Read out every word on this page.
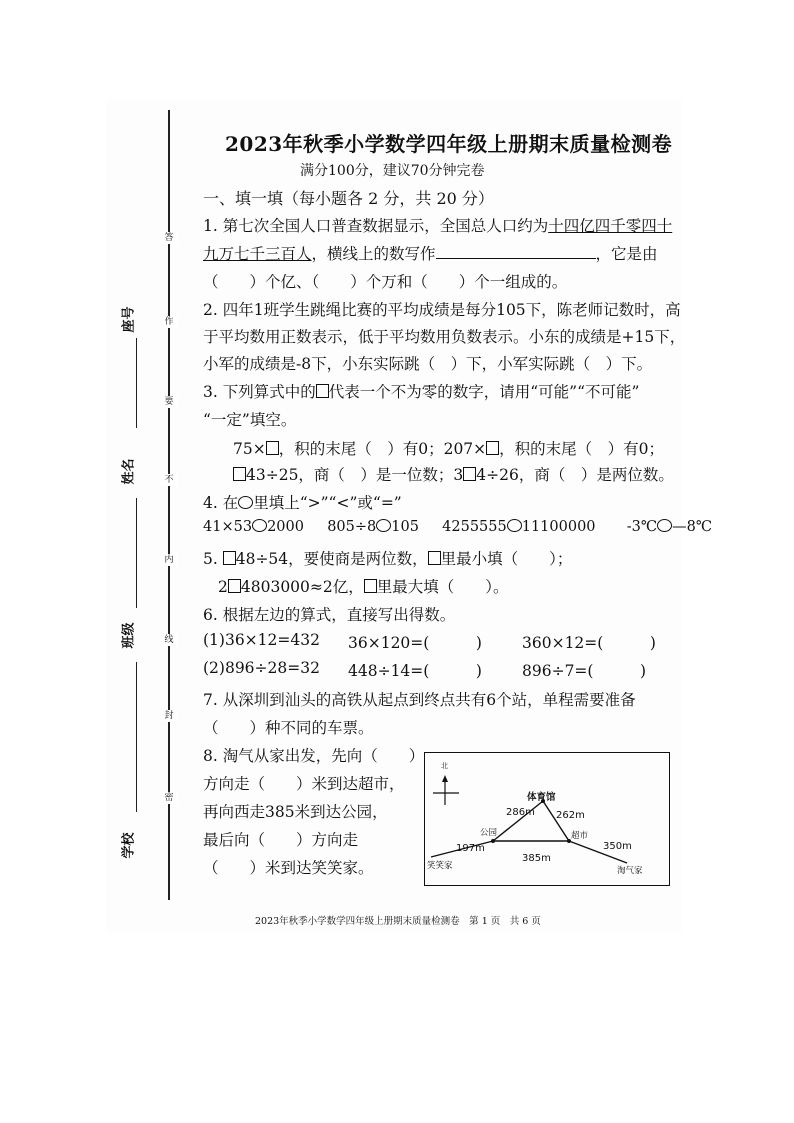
答
作
要
不
内
线
封
密
座号
姓名
班级
学校
2023年秋季小学数学四年级上册期末质量检测卷
满分100分，建议70分钟完卷
一、填一填（每小题各 2 分，共 20 分）
1. 第七次全国人口普查数据显示，全国总人口约为十四亿四千零四十
九万七千三百人，横线上的数写作	，它是由
（　　）个亿、（　　）个万和（　　）个一组成的。
2. 四年1班学生跳绳比赛的平均成绩是每分105下，陈老师记数时，高
于平均数用正数表示，低于平均数用负数表示。小东的成绩是+15下，
小军的成绩是-8下，小东实际跳（　）下，小军实际跳（　）下。
3. 下列算式中的 代表一个不为零的数字，请用“可能”“不可能”
“一定”填空。
75× ，积的末尾（　）有0；207× ，积的末尾（　）有0；
43÷25，商（　）是一位数；3 4÷26，商（　）是两位数。
4. 在 里填上“>”“<”或“=”
41×53 2000 805÷8 105 4255555 11100000 -3℃ —8℃
5. 48÷54，要使商是两位数， 里最小填（　　）；
2 4803000≈2亿， 里最大填（　　）。
6. 根据左边的算式，直接写出得数。
(1)36×12=432 36×120=(　　　)	360×12=(　　　)
(2)896÷28=32 448÷14=(　　　)	896÷7=(　　　)
7. 从深圳到汕头的高铁从起点到终点共有6个站，单程需要准备
（　　）种不同的车票。
8. 淘气从家出发，先向（　　）
方向走（　　）米到达超市，
再向西走385米到达公园，
最后向（　　）方向走
（　　）米到达笑笑家。
北
体育馆
公园	超市
笑笑家	淘气家
286m 262m
197m
385m
350m
2023年秋季小学数学四年级上册期末质量检测卷　第 1 页　共 6 页
